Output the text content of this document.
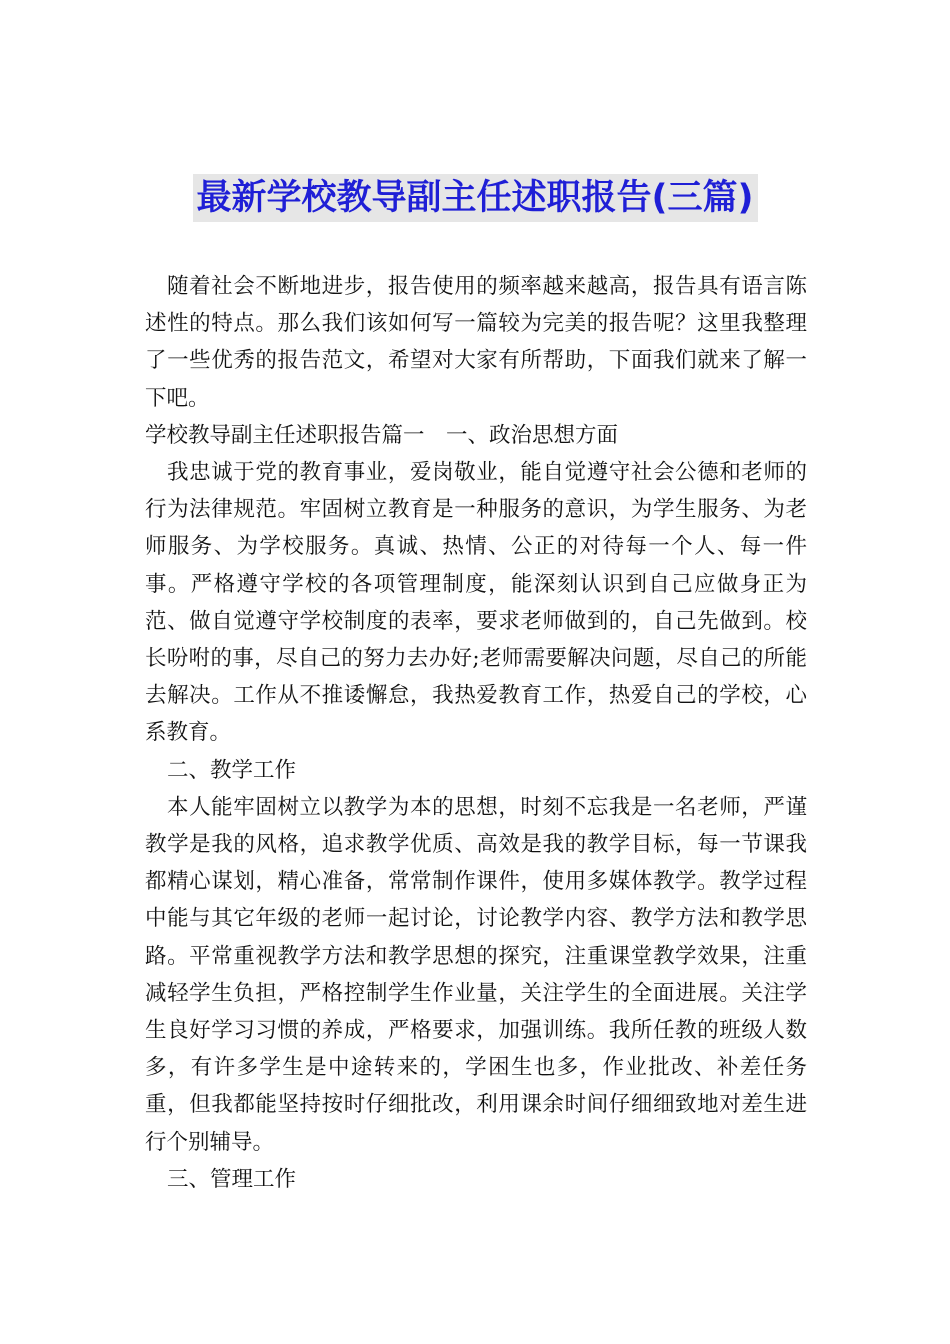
最新学校教导副主任述职报告(三篇)

随着社会不断地进步，报告使用的频率越来越高，报告具有语言陈述性的特点。那么我们该如何写一篇较为完美的报告呢？这里我整理了一些优秀的报告范文，希望对大家有所帮助，下面我们就来了解一下吧。

学校教导副主任述职报告篇一　一、政治思想方面

我忠诚于党的教育事业，爱岗敬业，能自觉遵守社会公德和老师的行为法律规范。牢固树立教育是一种服务的意识，为学生服务、为老师服务、为学校服务。真诚、热情、公正的对待每一个人、每一件事。严格遵守学校的各项管理制度，能深刻认识到自己应做身正为范、做自觉遵守学校制度的表率，要求老师做到的，自己先做到。校长吩咐的事，尽自己的努力去办好;老师需要解决问题，尽自己的所能去解决。工作从不推诿懈怠，我热爱教育工作，热爱自己的学校，心系教育。

二、教学工作

本人能牢固树立以教学为本的思想，时刻不忘我是一名老师，严谨教学是我的风格，追求教学优质、高效是我的教学目标，每一节课我都精心谋划，精心准备，常常制作课件，使用多媒体教学。教学过程中能与其它年级的老师一起讨论，讨论教学内容、教学方法和教学思路。平常重视教学方法和教学思想的探究，注重课堂教学效果，注重减轻学生负担，严格控制学生作业量，关注学生的全面进展。关注学生良好学习习惯的养成，严格要求，加强训练。我所任教的班级人数多，有许多学生是中途转来的，学困生也多，作业批改、补差任务重，但我都能坚持按时仔细批改，利用课余时间仔细细致地对差生进行个别辅导。

三、管理工作
